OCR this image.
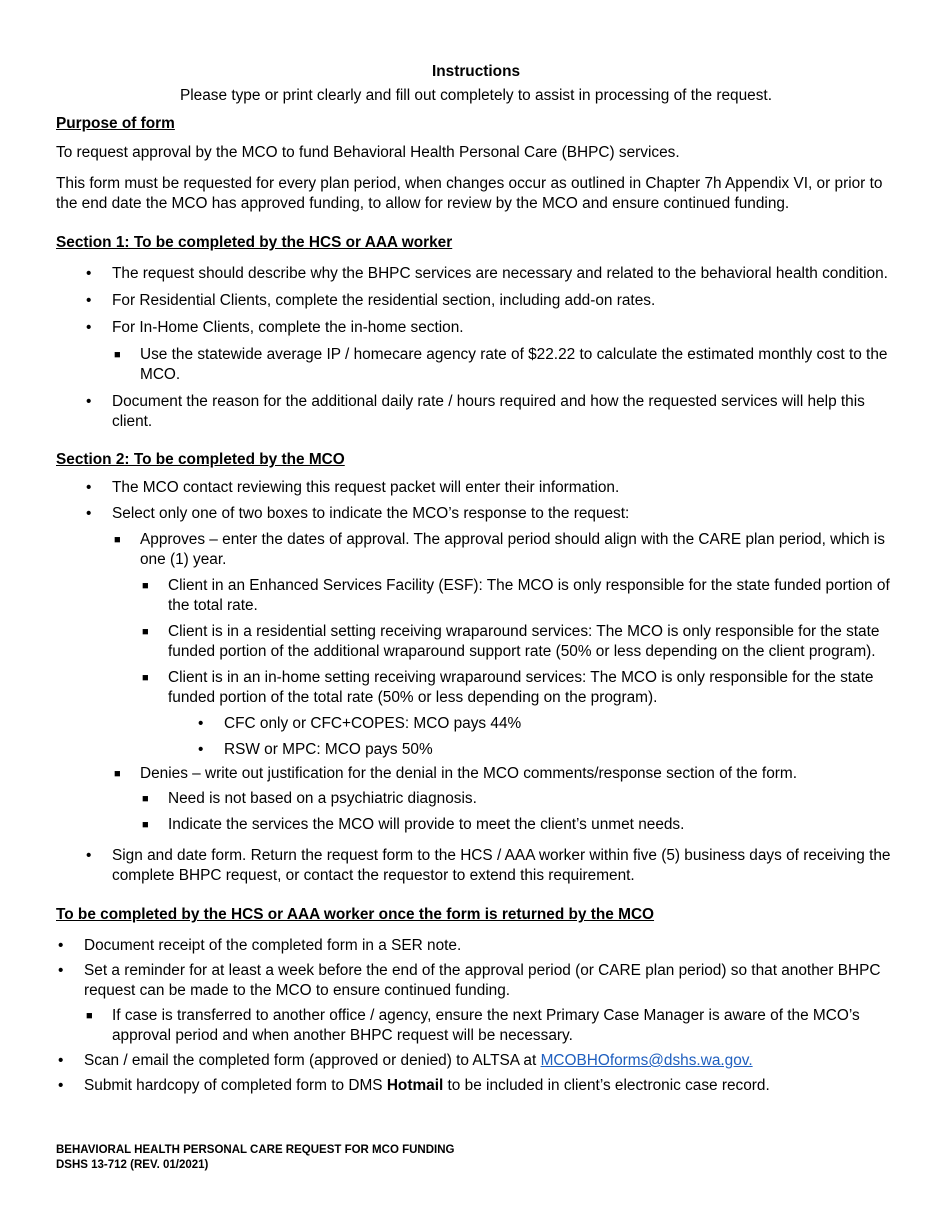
Instructions

Please type or print clearly and fill out completely to assist in processing of the request.

Purpose of form

To request approval by the MCO to fund Behavioral Health Personal Care (BHPC) services.

This form must be requested for every plan period, when changes occur as outlined in Chapter 7h Appendix VI, or prior to the end date the MCO has approved funding, to allow for review by the MCO and ensure continued funding.

Section 1: To be completed by the HCS or AAA worker

• The request should describe why the BHPC services are necessary and related to the behavioral health condition.
• For Residential Clients, complete the residential section, including add-on rates.
• For In-Home Clients, complete the in-home section.
■ Use the statewide average IP / homecare agency rate of $22.22 to calculate the estimated monthly cost to the MCO.
• Document the reason for the additional daily rate / hours required and how the requested services will help this client.

Section 2: To be completed by the MCO

• The MCO contact reviewing this request packet will enter their information.
• Select only one of two boxes to indicate the MCO’s response to the request:
■ Approves – enter the dates of approval. The approval period should align with the CARE plan period, which is one (1) year.
■ Client in an Enhanced Services Facility (ESF): The MCO is only responsible for the state funded portion of the total rate.
■ Client is in a residential setting receiving wraparound services: The MCO is only responsible for the state funded portion of the additional wraparound support rate (50% or less depending on the client program).
■ Client is in an in-home setting receiving wraparound services: The MCO is only responsible for the state funded portion of the total rate (50% or less depending on the program).
• CFC only or CFC+COPES: MCO pays 44%
• RSW or MPC: MCO pays 50%
■ Denies – write out justification for the denial in the MCO comments/response section of the form.
■ Need is not based on a psychiatric diagnosis.
■ Indicate the services the MCO will provide to meet the client’s unmet needs.
• Sign and date form. Return the request form to the HCS / AAA worker within five (5) business days of receiving the complete BHPC request, or contact the requestor to extend this requirement.

To be completed by the HCS or AAA worker once the form is returned by the MCO

• Document receipt of the completed form in a SER note.
• Set a reminder for at least a week before the end of the approval period (or CARE plan period) so that another BHPC request can be made to the MCO to ensure continued funding.
■ If case is transferred to another office / agency, ensure the next Primary Case Manager is aware of the MCO’s approval period and when another BHPC request will be necessary.
• Scan / email the completed form (approved or denied) to ALTSA at MCOBHOforms@dshs.wa.gov.
• Submit hardcopy of completed form to DMS Hotmail to be included in client’s electronic case record.
BEHAVIORAL HEALTH PERSONAL CARE REQUEST FOR MCO FUNDING
DSHS 13-712 (REV. 01/2021)
